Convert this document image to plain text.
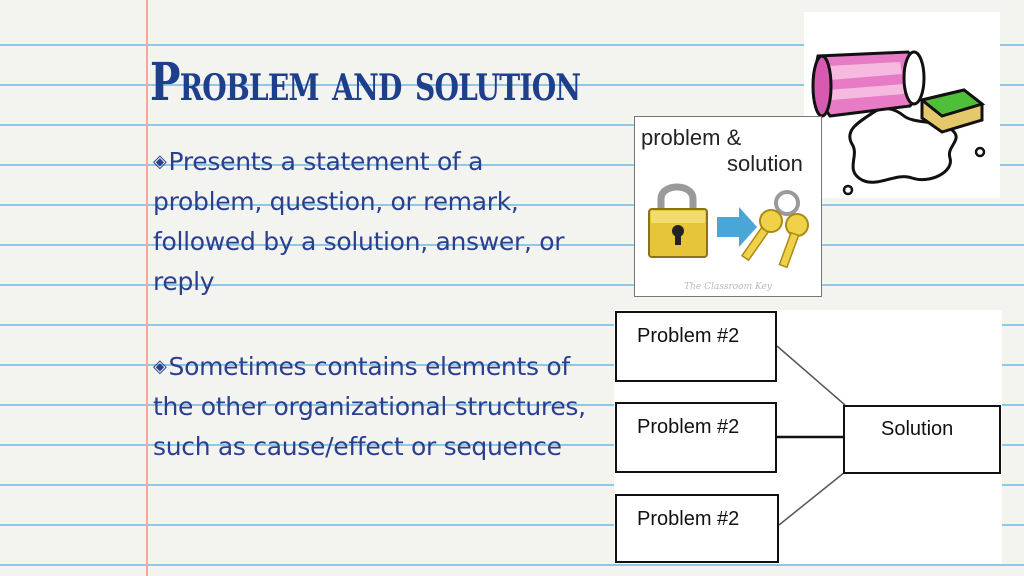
Problem and solution

◈Presents a statement of a problem, question, or remark, followed by a solution, answer, or reply

◈Sometimes contains elements of the other organizational structures, such as cause/effect or sequence

problem &
solution
The Classroom Key
Problem #2
Problem #2
Problem #2
Solution
